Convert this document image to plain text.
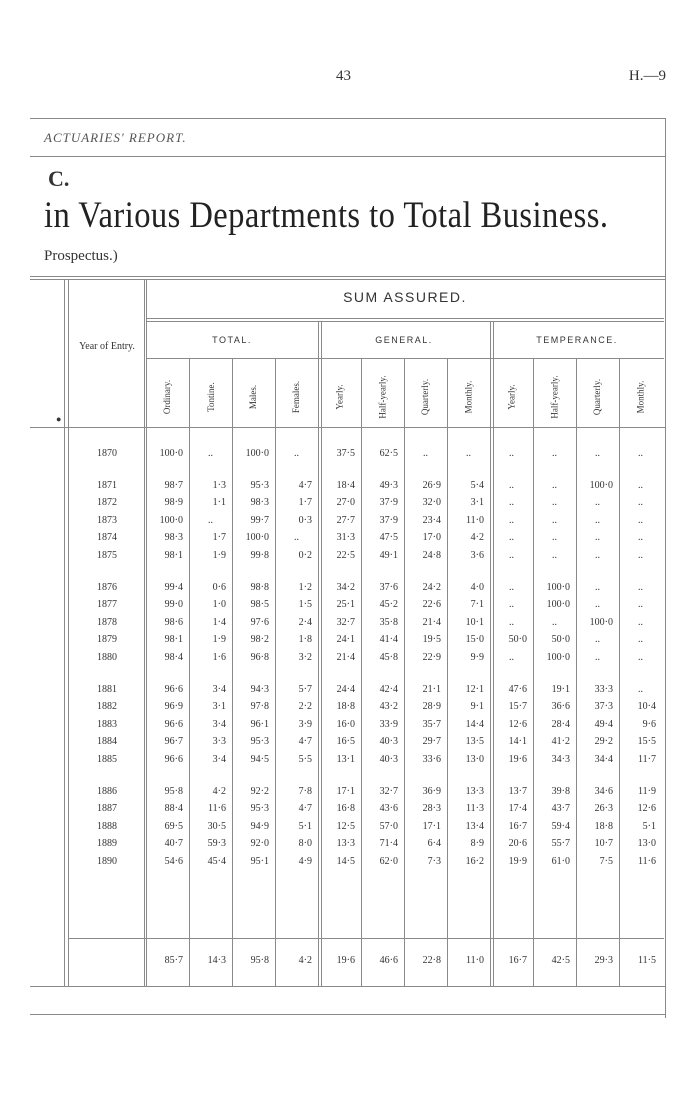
43	H.—9
ACTUARIES' REPORT.
C.
in Various Departments to Total Business.
Prospectus.)
SUM ASSURED.
Year of Entry.
TOTAL.	GENERAL.	TEMPERANCE.
Ordinary.	Tontine.	Males.	Females.	Yearly.	Half-yearly.	Quarterly.	Monthly.	Yearly.	Half-yearly.	Quarterly.	Monthly.
1870	100·0	..	100·0	..	37·5	62·5	..	..	..	..	..	..
1871	98·7	1·3	95·3	4·7	18·4	49·3	26·9	5·4	..	..	100·0	..
1872	98·9	1·1	98·3	1·7	27·0	37·9	32·0	3·1	..	..	..	..
1873	100·0	..	99·7	0·3	27·7	37·9	23·4	11·0	..	..	..	..
1874	98·3	1·7	100·0	..	31·3	47·5	17·0	4·2	..	..	..	..
1875	98·1	1·9	99·8	0·2	22·5	49·1	24·8	3·6	..	..	..	..
1876	99·4	0·6	98·8	1·2	34·2	37·6	24·2	4·0	..	100·0	..	..
1877	99·0	1·0	98·5	1·5	25·1	45·2	22·6	7·1	..	100·0	..	..
1878	98·6	1·4	97·6	2·4	32·7	35·8	21·4	10·1	..	..	100·0	..
1879	98·1	1·9	98·2	1·8	24·1	41·4	19·5	15·0	50·0	50·0	..	..
1880	98·4	1·6	96·8	3·2	21·4	45·8	22·9	9·9	..	100·0	..	..
1881	96·6	3·4	94·3	5·7	24·4	42·4	21·1	12·1	47·6	19·1	33·3	..
1882	96·9	3·1	97·8	2·2	18·8	43·2	28·9	9·1	15·7	36·6	37·3	10·4
1883	96·6	3·4	96·1	3·9	16·0	33·9	35·7	14·4	12·6	28·4	49·4	9·6
1884	96·7	3·3	95·3	4·7	16·5	40·3	29·7	13·5	14·1	41·2	29·2	15·5
1885	96·6	3·4	94·5	5·5	13·1	40·3	33·6	13·0	19·6	34·3	34·4	11·7
1886	95·8	4·2	92·2	7·8	17·1	32·7	36·9	13·3	13·7	39·8	34·6	11·9
1887	88·4	11·6	95·3	4·7	16·8	43·6	28·3	11·3	17·4	43·7	26·3	12·6
1888	69·5	30·5	94·9	5·1	12·5	57·0	17·1	13·4	16·7	59·4	18·8	5·1
1889	40·7	59·3	92·0	8·0	13·3	71·4	6·4	8·9	20·6	55·7	10·7	13·0
1890	54·6	45·4	95·1	4·9	14·5	62·0	7·3	16·2	19·9	61·0	7·5	11·6
85·7	14·3	95·8	4·2	19·6	46·6	22·8	11·0	16·7	42·5	29·3	11·5
●
